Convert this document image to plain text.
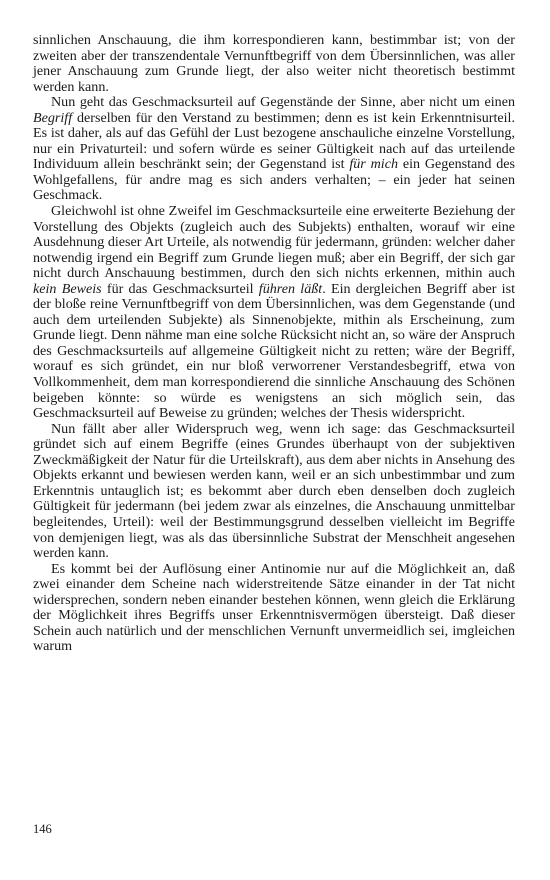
sinnlichen Anschauung, die ihm korrespondieren kann, bestimmbar ist; von der zweiten aber der transzendentale Vernunftbegriff von dem Übersinnlichen, was aller jener Anschauung zum Grunde liegt, der also weiter nicht theoretisch bestimmt werden kann.

Nun geht das Geschmacksurteil auf Gegenstände der Sinne, aber nicht um einen Begriff derselben für den Verstand zu bestimmen; denn es ist kein Erkenntnisurteil. Es ist daher, als auf das Gefühl der Lust bezogene anschauliche einzelne Vorstellung, nur ein Privaturteil: und sofern würde es seiner Gültigkeit nach auf das urteilende Individuum allein beschränkt sein; der Gegenstand ist für mich ein Gegenstand des Wohlgefallens, für andre mag es sich anders verhalten; – ein jeder hat seinen Geschmack.

Gleichwohl ist ohne Zweifel im Geschmacksurteile eine erweiterte Beziehung der Vorstellung des Objekts (zugleich auch des Subjekts) enthalten, worauf wir eine Ausdehnung dieser Art Urteile, als notwendig für jedermann, gründen: welcher daher notwendig irgend ein Begriff zum Grunde liegen muß; aber ein Begriff, der sich gar nicht durch Anschauung bestimmen, durch den sich nichts erkennen, mithin auch kein Beweis für das Geschmacksurteil führen läßt. Ein dergleichen Begriff aber ist der bloße reine Vernunftbegriff von dem Übersinnlichen, was dem Gegenstande (und auch dem urteilenden Subjekte) als Sinnenobjekte, mithin als Erscheinung, zum Grunde liegt. Denn nähme man eine solche Rücksicht nicht an, so wäre der Anspruch des Geschmacksurteils auf allgemeine Gültigkeit nicht zu retten; wäre der Begriff, worauf es sich gründet, ein nur bloß verworrener Verstandesbegriff, etwa von Vollkommenheit, dem man korrespondierend die sinnliche Anschauung des Schönen beigeben könnte: so würde es wenigstens an sich möglich sein, das Geschmacksurteil auf Beweise zu gründen; welches der Thesis widerspricht.

Nun fällt aber aller Widerspruch weg, wenn ich sage: das Geschmacksurteil gründet sich auf einem Begriffe (eines Grundes überhaupt von der subjektiven Zweckmäßigkeit der Natur für die Urteilskraft), aus dem aber nichts in Ansehung des Objekts erkannt und bewiesen werden kann, weil er an sich unbestimmbar und zum Erkenntnis untauglich ist; es bekommt aber durch eben denselben doch zugleich Gültigkeit für jedermann (bei jedem zwar als einzelnes, die Anschauung unmittelbar begleitendes, Urteil): weil der Bestimmungsgrund desselben vielleicht im Begriffe von demjenigen liegt, was als das übersinnliche Substrat der Menschheit angesehen werden kann.

Es kommt bei der Auflösung einer Antinomie nur auf die Möglichkeit an, daß zwei einander dem Scheine nach widerstreitende Sätze einander in der Tat nicht widersprechen, sondern neben einander bestehen können, wenn gleich die Erklärung der Möglichkeit ihres Begriffs unser Erkenntnisvermögen übersteigt. Daß dieser Schein auch natürlich und der menschlichen Vernunft unvermeidlich sei, imgleichen warum

146
